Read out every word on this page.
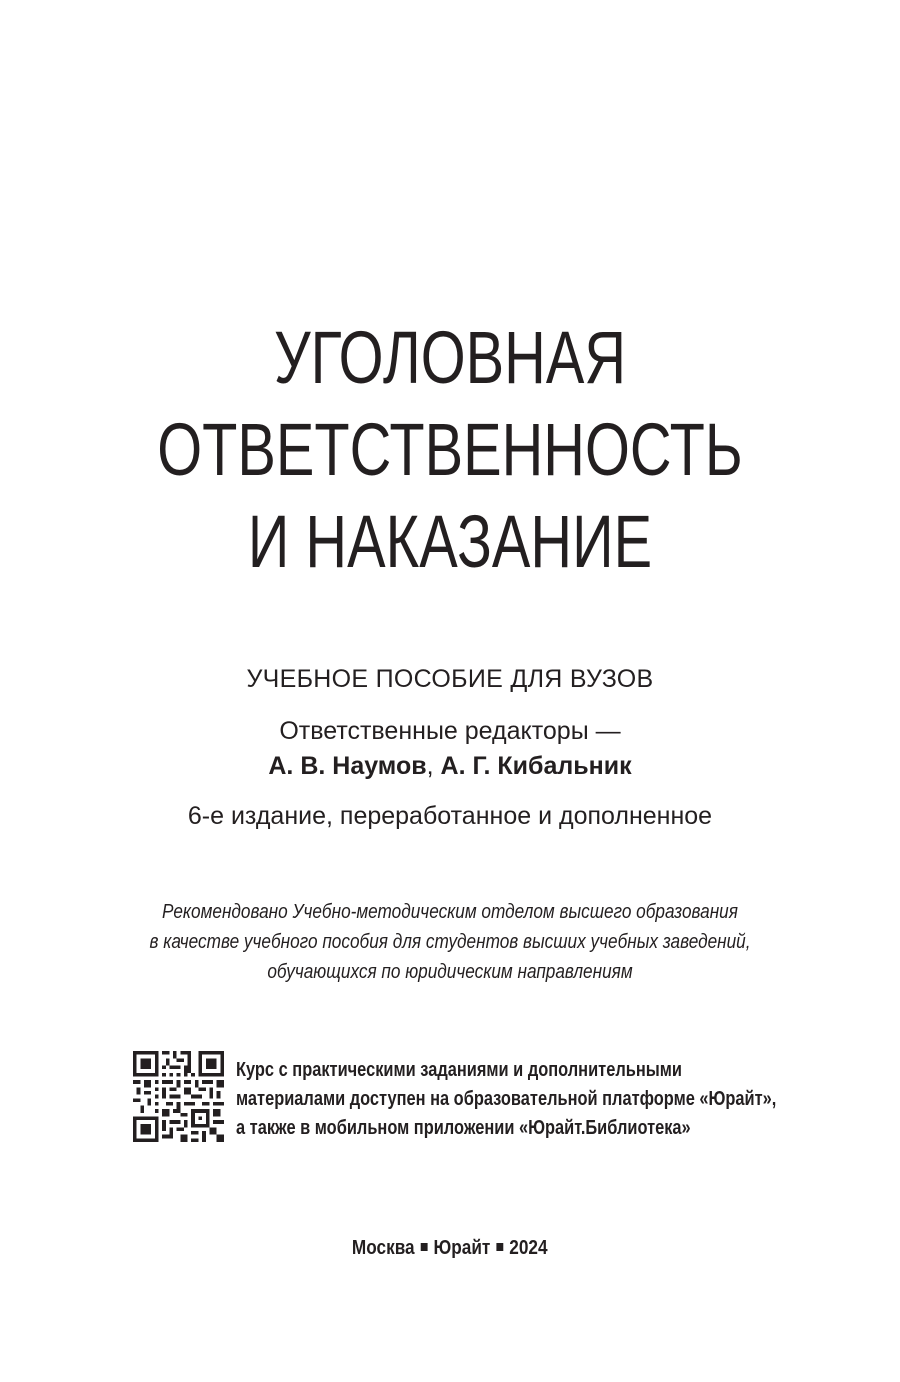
УГОЛОВНАЯ
ОТВЕТСТВЕННОСТЬ
И НАКАЗАНИЕ
УЧЕБНОЕ ПОСОБИЕ ДЛЯ ВУЗОВ
Ответственные редакторы —
А. В. Наумов, А. Г. Кибальник
6-е издание, переработанное и дополненное
Рекомендовано Учебно-методическим отделом высшего образования
в качестве учебного пособия для студентов высших учебных заведений,
обучающихся по юридическим направлениям
Курс с практическими заданиями и дополнительными
материалами доступен на образовательной платформе «Юрайт»,
а также в мобильном приложении «Юрайт.Библиотека»
Москва Юрайт 2024
